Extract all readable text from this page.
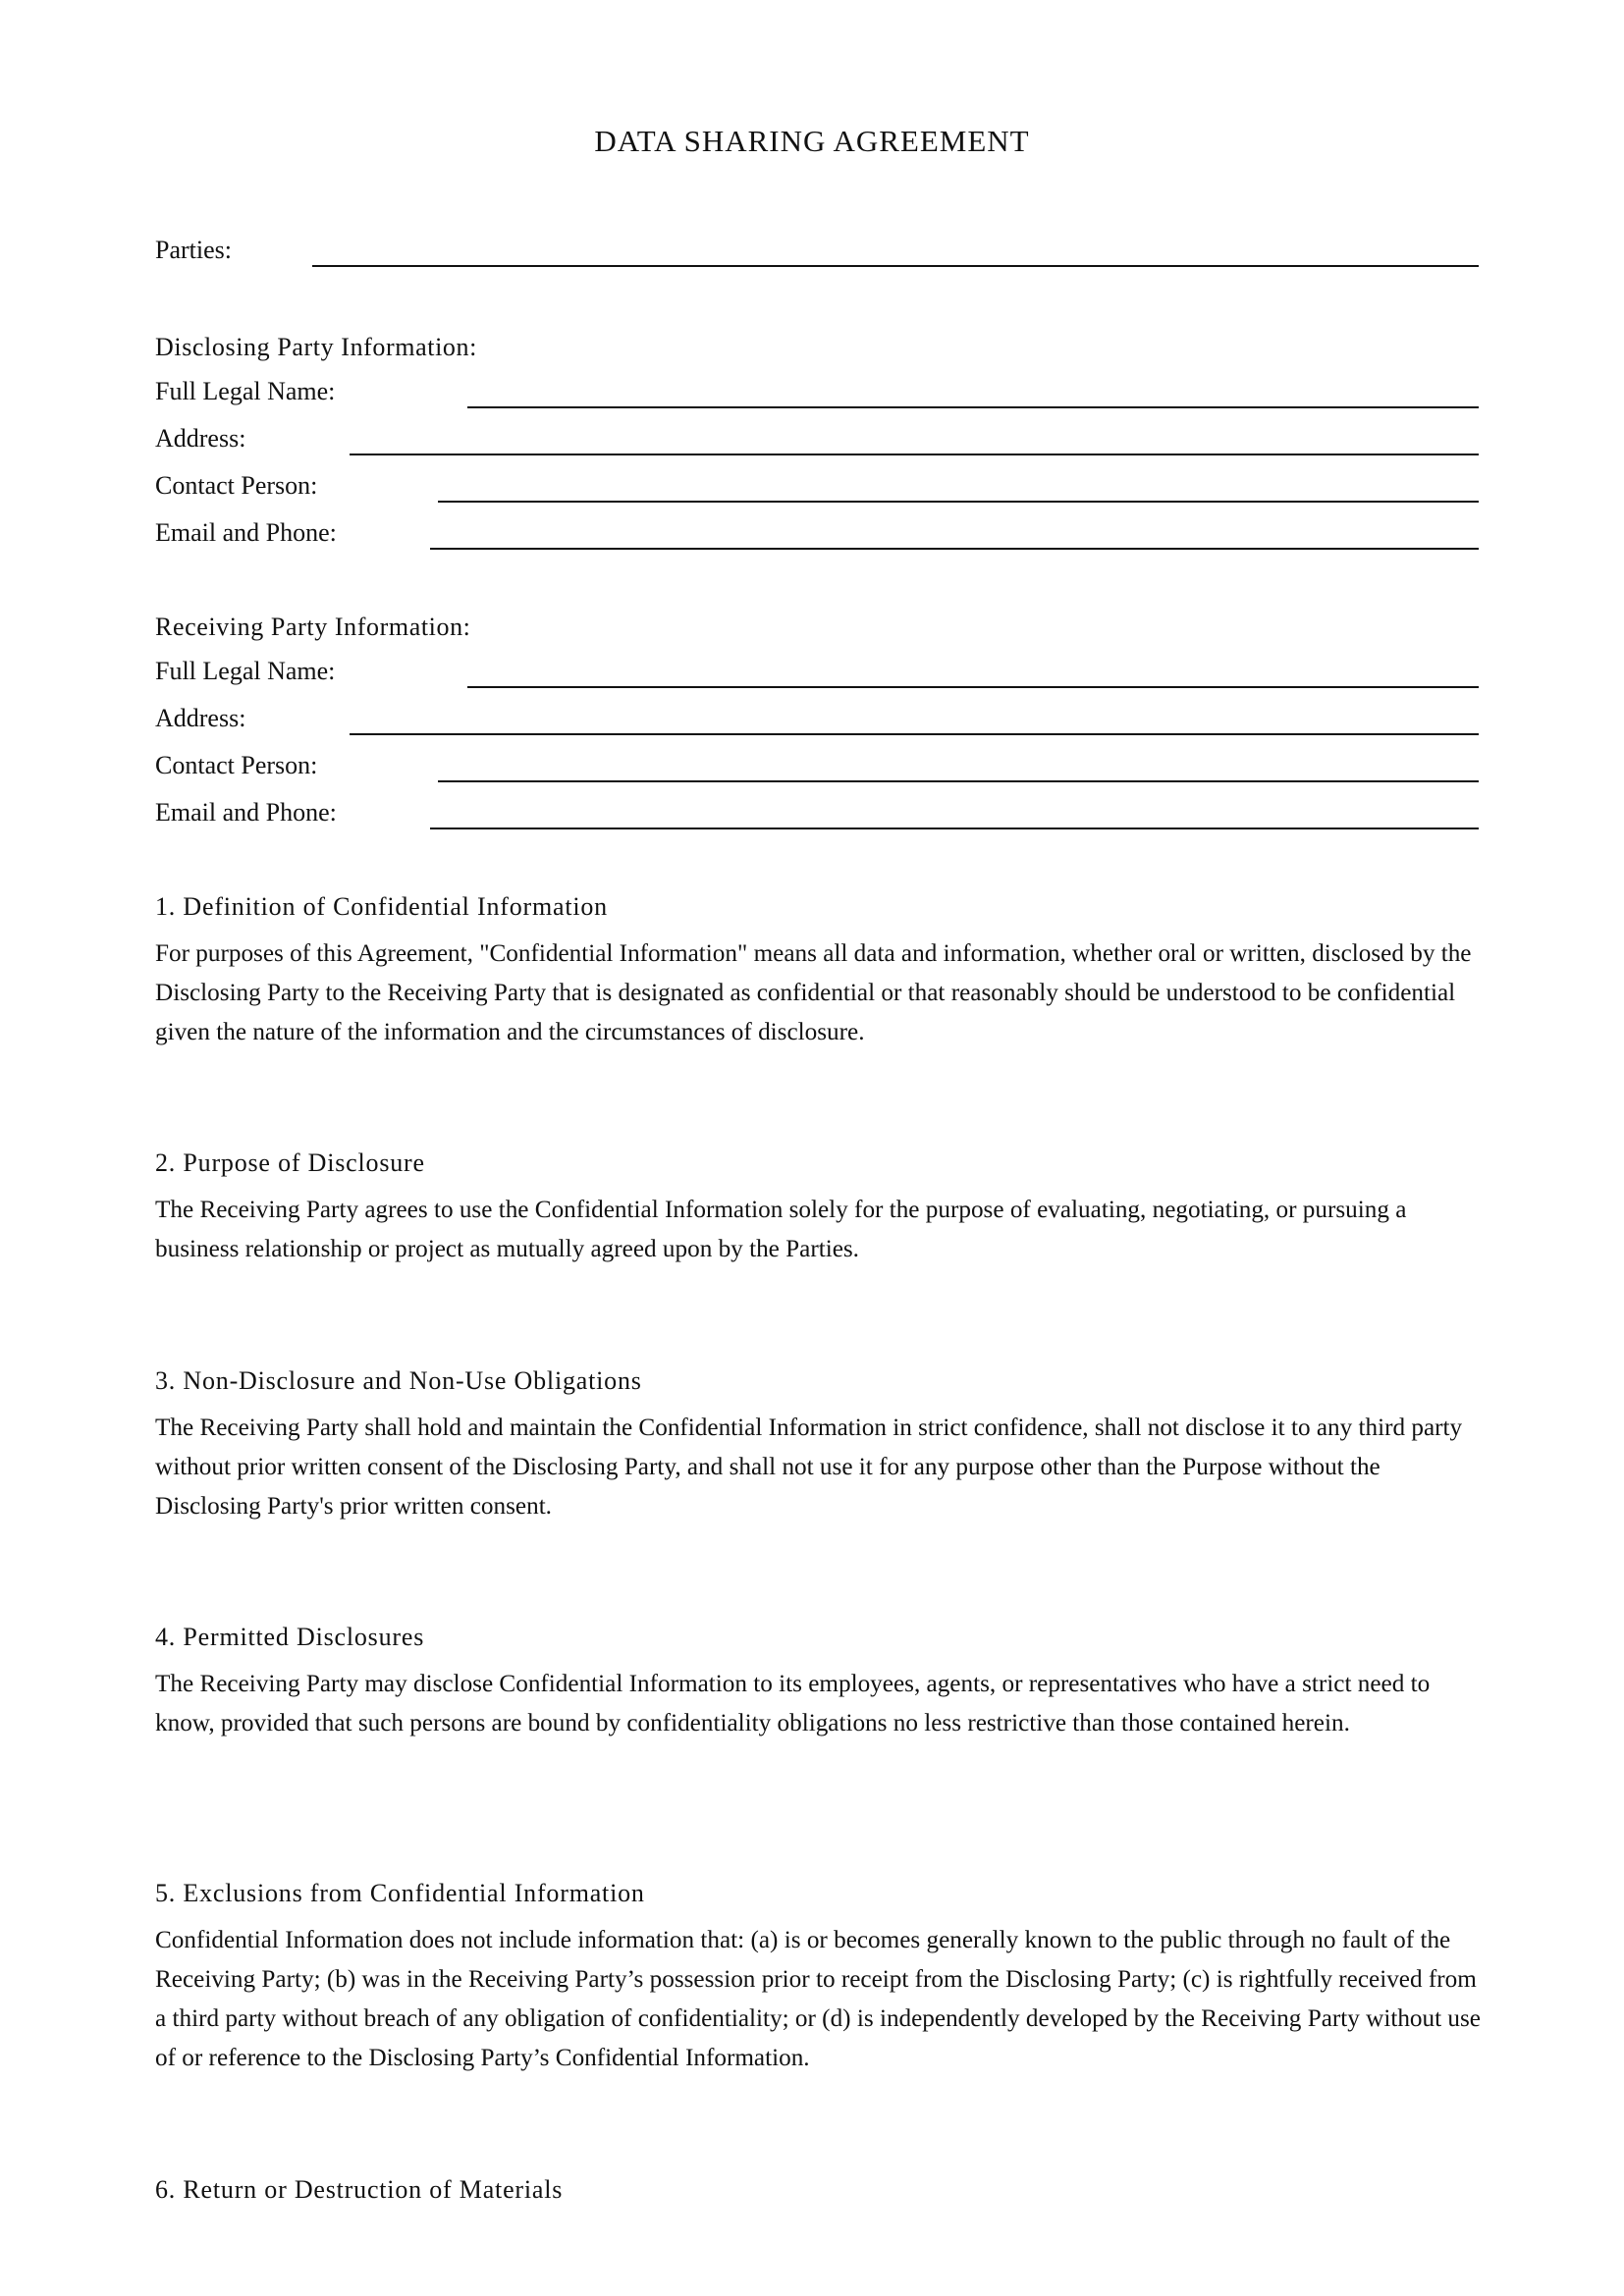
DATA SHARING AGREEMENT
Parties:
Disclosing Party Information:
Full Legal Name:
Address:
Contact Person:
Email and Phone:
Receiving Party Information:
Full Legal Name:
Address:
Contact Person:
Email and Phone:
1. Definition of Confidential Information
For purposes of this Agreement, "Confidential Information" means all data and information, whether oral or written, disclosed by the Disclosing Party to the Receiving Party that is designated as confidential or that reasonably should be understood to be confidential given the nature of the information and the circumstances of disclosure.
2. Purpose of Disclosure
The Receiving Party agrees to use the Confidential Information solely for the purpose of evaluating, negotiating, or pursuing a business relationship or project as mutually agreed upon by the Parties.
3. Non-Disclosure and Non-Use Obligations
The Receiving Party shall hold and maintain the Confidential Information in strict confidence, shall not disclose it to any third party without prior written consent of the Disclosing Party, and shall not use it for any purpose other than the Purpose without the Disclosing Party's prior written consent.
4. Permitted Disclosures
The Receiving Party may disclose Confidential Information to its employees, agents, or representatives who have a strict need to know, provided that such persons are bound by confidentiality obligations no less restrictive than those contained herein.
5. Exclusions from Confidential Information
Confidential Information does not include information that: (a) is or becomes generally known to the public through no fault of the Receiving Party; (b) was in the Receiving Party’s possession prior to receipt from the Disclosing Party; (c) is rightfully received from a third party without breach of any obligation of confidentiality; or (d) is independently developed by the Receiving Party without use of or reference to the Disclosing Party’s Confidential Information.
6. Return or Destruction of Materials
